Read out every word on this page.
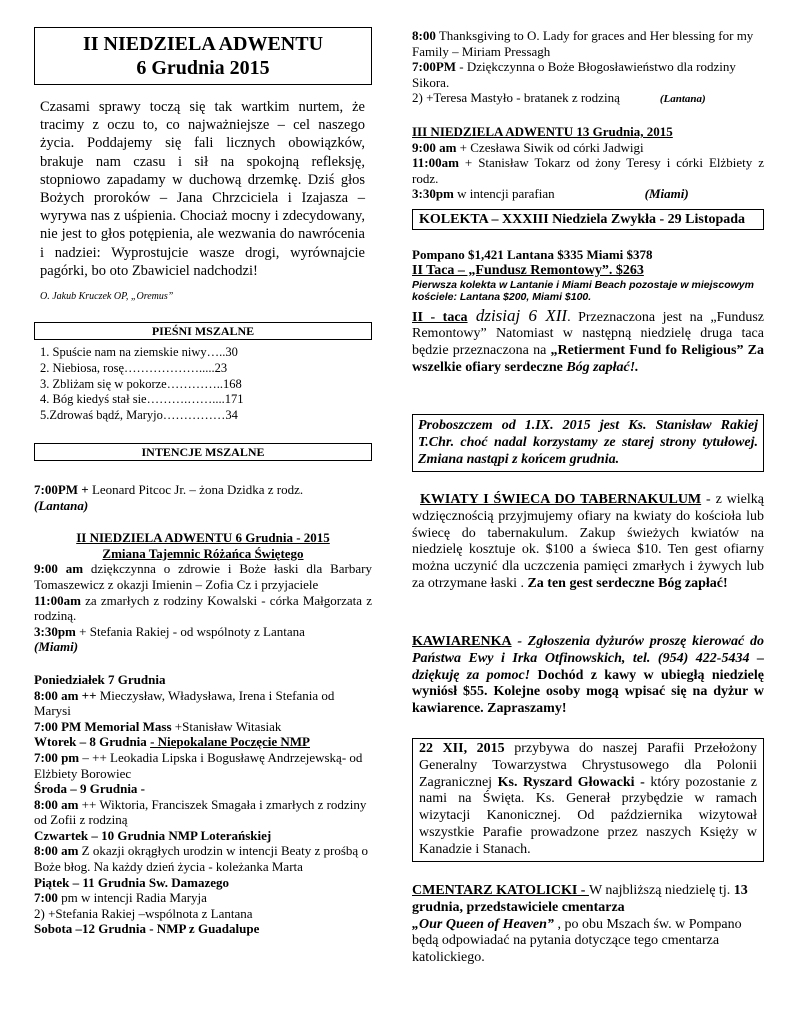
II NIEDZIELA ADWENTU
6 Grudnia 2015

Czasami sprawy toczą się tak wartkim nurtem, że tracimy z oczu to, co najważniejsze – cel naszego życia. Poddajemy się fali licznych obowiązków, brakuje nam czasu i sił na spokojną refleksję, stopniowo zapadamy w duchową drzemkę. Dziś głos Bożych proroków – Jana Chrzciciela i Izajasza – wyrywa nas z uśpienia. Chociaż mocny i zdecydowany, nie jest to głos potępienia, ale wezwania do nawrócenia i nadziei: Wyprostujcie wasze drogi, wyrównajcie pagórki, bo oto Zbawiciel nadchodzi!

O. Jakub Kruczek OP, „Oremus”
PIEŚNI MSZALNE
1. Spuście nam na ziemskie niwy…..30
2. Niebiosa, rosę……………….....23
3. Zbliżam się w pokorze…………..168
4. Bóg kiedyś stał sie……….……....171
5.Zdrowaś bądź, Maryjo……………34
INTENCJE MSZALNE

7:00PM + Leonard Pitcoc Jr. – żona Dzidka z rodz.

(Lantana)

II NIEDZIELA ADWENTU 6 Grudnia - 2015

Zmiana Tajemnic Różańca Świętego

9:00 am dziękczynna o zdrowie i Boże łaski dla Barbary Tomaszewicz z okazji Imienin – Zofia Cz i przyjaciele

11:00am za zmarłych z rodziny Kowalski - córka Małgorzata z rodziną.

3:30pm + Stefania Rakiej - od wspólnoty z Lantana

(Miami)

Poniedziałek 7 Grudnia

8:00 am ++ Mieczysław, Władysława, Irena i Stefania od Marysi

7:00 PM Memorial Mass +Stanisław Witasiak

Wtorek – 8 Grudnia - Niepokalane Poczęcie NMP

7:00 pm – ++ Leokadia Lipska i Bogusławę Andrzejewską- od Elżbiety Borowiec

Środa – 9 Grudnia -

8:00 am ++ Wiktoria, Franciszek Smagała i zmarłych z rodziny od Zofii z rodziną

Czwartek – 10 Grudnia NMP Loterańskiej

8:00 am Z okazji okrągłych urodzin w intencji Beaty z prośbą o Boże błog. Na każdy dzień życia - koleżanka Marta

Piątek – 11 Grudnia Sw. Damazego

7:00 pm w intencji Radia Maryja

2) +Stefania Rakiej –wspólnota z Lantana

Sobota –12 Grudnia - NMP z Guadalupe

8:00 Thanksgiving to O. Lady for graces and Her blessing for my Family – Miriam Pressagh

7:00PM - Dziękczynna o Boże Błogosławieństwo dla rodziny Sikora.

2) +Teresa Mastyło - bratanek z rodziną	(Lantana)

III NIEDZIELA ADWENTU 13 Grudnia, 2015

9:00 am + Czesława Siwik od córki Jadwigi

11:00am + Stanisław Tokarz od żony Teresy i córki Elżbiety z rodz.

3:30pm w intencji parafian	(Miami)

KOLEKTA – XXXIII Niedziela Zwykła - 29 Listopada

Pompano $1,421 Lantana $335 Miami $378

II Taca – „Fundusz Remontowy”. $263

Pierwsza kolekta w Lantanie i Miami Beach pozostaje w miejscowym kościele: Lantana $200, Miami $100.

II - taca dzisiaj 6 XII. Przeznaczona jest na „Fundusz Remontowy” Natomiast w następną niedzielę druga taca będzie przeznaczona na „Retierment Fund fo Religious” Za wszelkie ofiary serdeczne Bóg zapłać!.

Proboszczem od 1.IX. 2015 jest Ks. Stanisław Rakiej T.Chr. choć nadal korzystamy ze starej strony tytułowej. Zmiana nastąpi z końcem grudnia.

KWIATY I ŚWIECA DO TABERNAKULUM - z wielką wdzięcznością przyjmujemy ofiary na kwiaty do kościoła lub świecę do tabernakulum. Zakup świeżych kwiatów na niedzielę kosztuje ok. $100 a świeca $10. Ten gest ofiarny można uczynić dla uczczenia pamięci zmarłych i żywych lub za otrzymane łaski . Za ten gest serdeczne Bóg zapłać!

KAWIARENKA - Zgłoszenia dyżurów proszę kierować do Państwa Ewy i Irka Otfinowskich, tel. (954) 422-5434 – dziękuję za pomoc! Dochód z kawy w ubiegłą niedzielę wyniósł $55. Kolejne osoby mogą wpisać się na dyżur w kawiarence. Zapraszamy!

22 XII, 2015 przybywa do naszej Parafii Przełożony Generalny Towarzystwa Chrystusowego dla Polonii Zagranicznej Ks. Ryszard Głowacki - który pozostanie z nami na Święta. Ks. Generał przybędzie w ramach wizytacji Kanonicznej. Od października wizytował wszystkie Parafie prowadzone przez naszych Księży w Kanadzie i Stanach.

CMENTARZ KATOLICKI - W najbliższą niedzielę tj. 13 grudnia, przedstawiciele cmentarza
„Our Queen of Heaven” , po obu Mszach św. w Pompano będą odpowiadać na pytania dotyczące tego cmentarza katolickiego.
